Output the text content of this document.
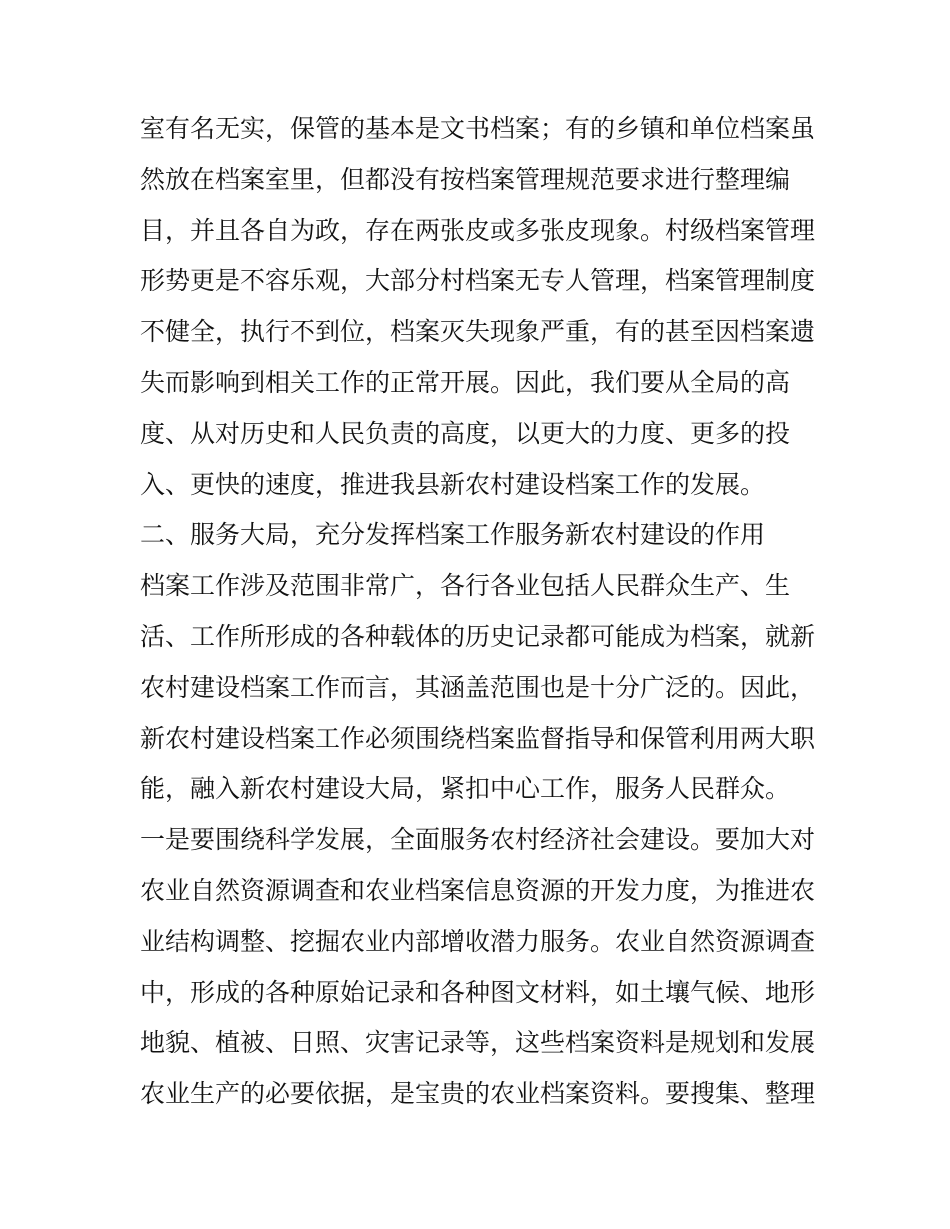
室有名无实，保管的基本是文书档案；有的乡镇和单位档案虽
然放在档案室里，但都没有按档案管理规范要求进行整理编
目，并且各自为政，存在两张皮或多张皮现象。村级档案管理
形势更是不容乐观，大部分村档案无专人管理，档案管理制度
不健全，执行不到位，档案灭失现象严重，有的甚至因档案遗
失而影响到相关工作的正常开展。因此，我们要从全局的高
度、从对历史和人民负责的高度，以更大的力度、更多的投
入、更快的速度，推进我县新农村建设档案工作的发展。
二、服务大局，充分发挥档案工作服务新农村建设的作用
档案工作涉及范围非常广，各行各业包括人民群众生产、生
活、工作所形成的各种载体的历史记录都可能成为档案，就新
农村建设档案工作而言，其涵盖范围也是十分广泛的。因此，
新农村建设档案工作必须围绕档案监督指导和保管利用两大职
能，融入新农村建设大局，紧扣中心工作，服务人民群众。
一是要围绕科学发展，全面服务农村经济社会建设。要加大对
农业自然资源调查和农业档案信息资源的开发力度，为推进农
业结构调整、挖掘农业内部增收潜力服务。农业自然资源调查
中，形成的各种原始记录和各种图文材料，如土壤气候、地形
地貌、植被、日照、灾害记录等，这些档案资料是规划和发展
农业生产的必要依据，是宝贵的农业档案资料。要搜集、整理
